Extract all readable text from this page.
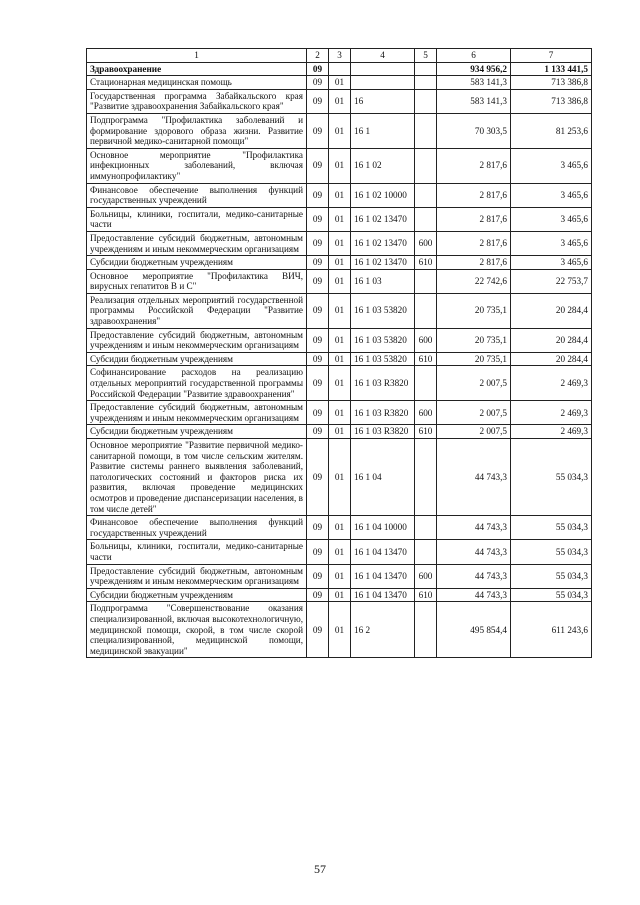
1	2	3	4	5	6	7
Здравоохранение	09				934 956,2	1 133 441,5
Стационарная медицинская помощь	09	01			583 141,3	713 386,8
Государственная программа Забайкальского края "Развитие здравоохранения Забайкальского края"	09	01	16		583 141,3	713 386,8
Подпрограмма "Профилактика заболеваний и формирование здорового образа жизни. Развитие первичной медико-санитарной помощи"	09	01	16 1		70 303,5	81 253,6
Основное мероприятие "Профилактика инфекционных заболеваний, включая иммунопрофилактику"	09	01	16 1 02		2 817,6	3 465,6
Финансовое обеспечение выполнения функций государственных учреждений	09	01	16 1 02 10000		2 817,6	3 465,6
Больницы, клиники, госпитали, медико-санитарные части	09	01	16 1 02 13470		2 817,6	3 465,6
Предоставление субсидий бюджетным, автономным учреждениям и иным некоммерческим организациям	09	01	16 1 02 13470	600	2 817,6	3 465,6
Субсидии бюджетным учреждениям	09	01	16 1 02 13470	610	2 817,6	3 465,6
Основное мероприятие "Профилактика ВИЧ, вирусных гепатитов В и С"	09	01	16 1 03		22 742,6	22 753,7
Реализация отдельных мероприятий государственной программы Российской Федерации "Развитие здравоохранения"	09	01	16 1 03 53820		20 735,1	20 284,4
Предоставление субсидий бюджетным, автономным учреждениям и иным некоммерческим организациям	09	01	16 1 03 53820	600	20 735,1	20 284,4
Субсидии бюджетным учреждениям	09	01	16 1 03 53820	610	20 735,1	20 284,4
Софинансирование расходов на реализацию отдельных мероприятий государственной программы Российской Федерации "Развитие здравоохранения"	09	01	16 1 03 R3820		2 007,5	2 469,3
Предоставление субсидий бюджетным, автономным учреждениям и иным некоммерческим организациям	09	01	16 1 03 R3820	600	2 007,5	2 469,3
Субсидии бюджетным учреждениям	09	01	16 1 03 R3820	610	2 007,5	2 469,3
Основное мероприятие "Развитие первичной медико-санитарной помощи, в том числе сельским жителям. Развитие системы раннего выявления заболеваний, патологических состояний и факторов риска их развития, включая проведение медицинских осмотров и проведение диспансеризации населения, в том числе детей"	09	01	16 1 04		44 743,3	55 034,3
Финансовое обеспечение выполнения функций государственных учреждений	09	01	16 1 04 10000		44 743,3	55 034,3
Больницы, клиники, госпитали, медико-санитарные части	09	01	16 1 04 13470		44 743,3	55 034,3
Предоставление субсидий бюджетным, автономным учреждениям и иным некоммерческим организациям	09	01	16 1 04 13470	600	44 743,3	55 034,3
Субсидии бюджетным учреждениям	09	01	16 1 04 13470	610	44 743,3	55 034,3
Подпрограмма "Совершенствование оказания специализированной, включая высокотехнологичную, медицинской помощи, скорой, в том числе скорой специализированной, медицинской помощи, медицинской эвакуации"	09	01	16 2		495 854,4	611 243,6
57
